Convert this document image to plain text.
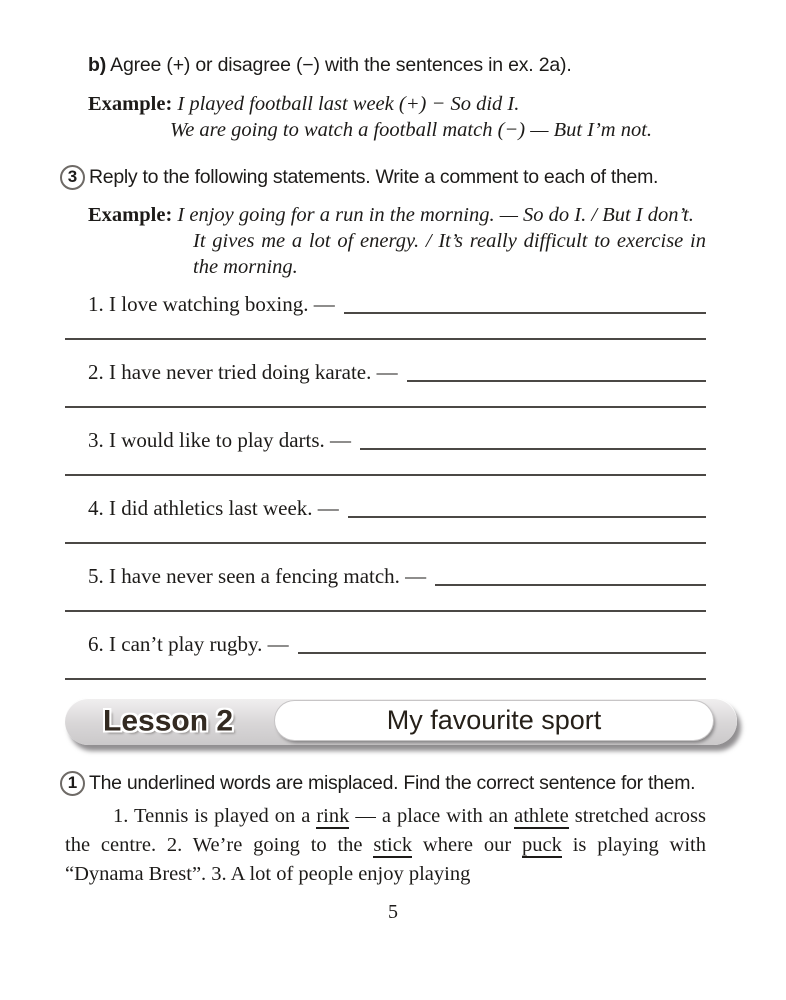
b) Agree (+) or disagree (−) with the sentences in ex. 2a).
Example: I played football last week (+) − So did I.
We are going to watch a football match (−) — But I’m not.
3 Reply to the following statements. Write a comment to each of them.
Example: I enjoy going for a run in the morning. — So do I. / But I don’t.
It gives me a lot of energy. / It’s really difficult to exercise in the morning.
1. I love watching boxing. —
2. I have never tried doing karate. —
3. I would like to play darts. —
4. I did athletics last week. —
5. I have never seen a fencing match. —
6. I can’t play rugby. —
Lesson 2	My favourite sport
1 The underlined words are misplaced. Find the correct sentence for them.
1. Tennis is played on a rink — a place with an athlete stretched across the centre. 2. We’re going to the stick where our puck is playing with “Dynama Brest”. 3. A lot of people enjoy playing
5
